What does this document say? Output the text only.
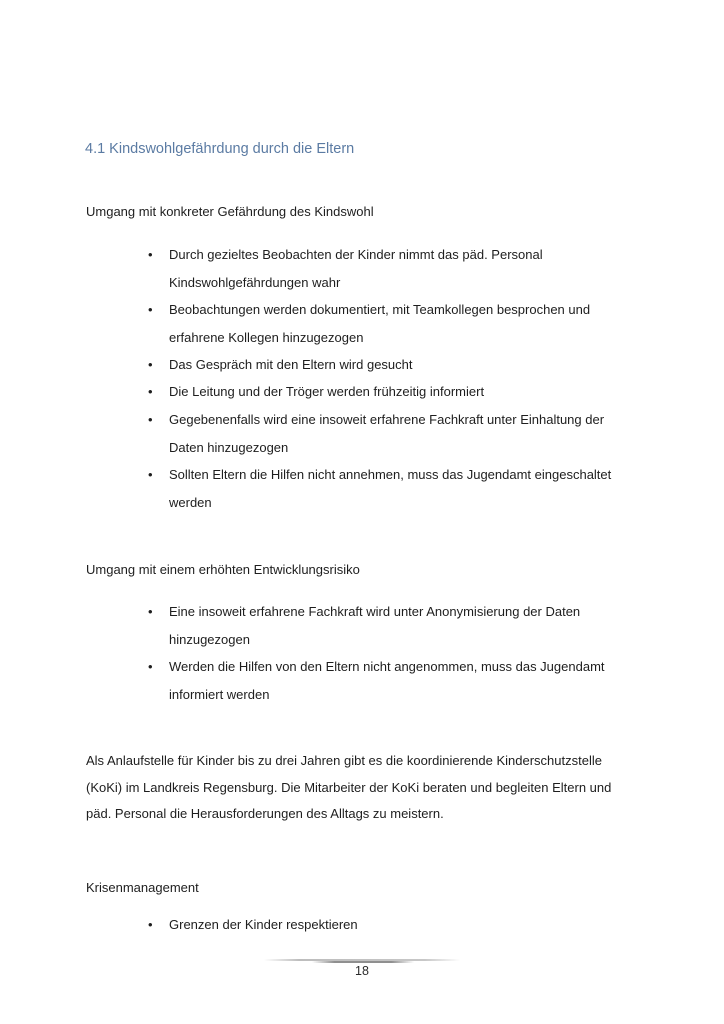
4.1 Kindswohlgefährdung durch die Eltern
Umgang mit konkreter Gefährdung des Kindswohl
• Durch gezieltes Beobachten der Kinder nimmt das päd. Personal
Kindswohlgefährdungen wahr
• Beobachtungen werden dokumentiert, mit Teamkollegen besprochen und
erfahrene Kollegen hinzugezogen
• Das Gespräch mit den Eltern wird gesucht
• Die Leitung und der Tröger werden frühzeitig informiert
• Gegebenenfalls wird eine insoweit erfahrene Fachkraft unter Einhaltung der
Daten hinzugezogen
• Sollten Eltern die Hilfen nicht annehmen, muss das Jugendamt eingeschaltet
werden
Umgang mit einem erhöhten Entwicklungsrisiko
• Eine insoweit erfahrene Fachkraft wird unter Anonymisierung der Daten
hinzugezogen
• Werden die Hilfen von den Eltern nicht angenommen, muss das Jugendamt
informiert werden
Als Anlaufstelle für Kinder bis zu drei Jahren gibt es die koordinierende Kinderschutzstelle
(KoKi) im Landkreis Regensburg. Die Mitarbeiter der KoKi beraten und begleiten Eltern und
päd. Personal die Herausforderungen des Alltags zu meistern.
Krisenmanagement
• Grenzen der Kinder respektieren
18
